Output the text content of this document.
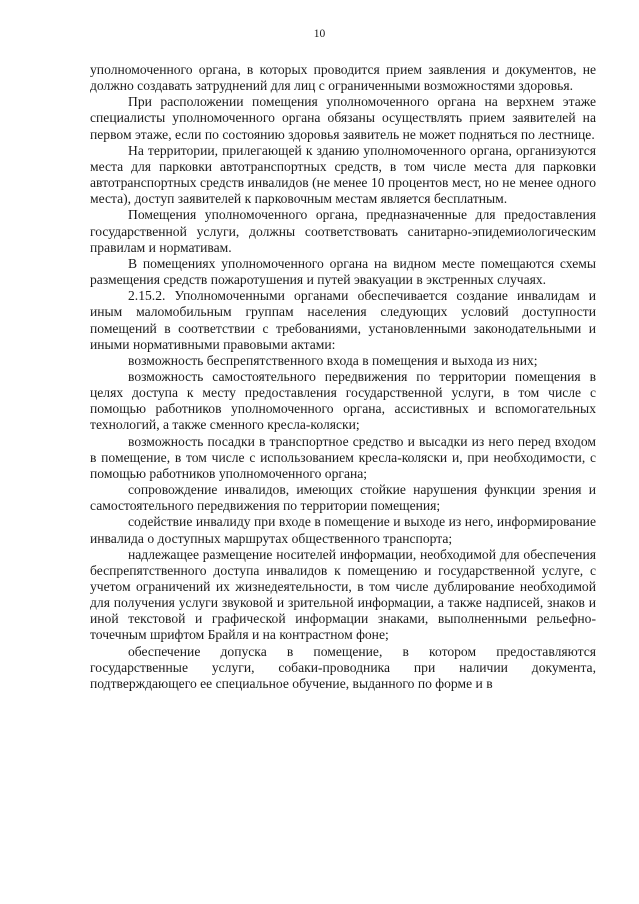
10

уполномоченного органа, в которых проводится прием заявления и документов, не должно создавать затруднений для лиц с ограниченными возможностями здоровья.

При расположении помещения уполномоченного органа на верхнем этаже специалисты уполномоченного органа обязаны осуществлять прием заявителей на первом этаже, если по состоянию здоровья заявитель не может подняться по лестнице.

На территории, прилегающей к зданию уполномоченного органа, организуются места для парковки автотранспортных средств, в том числе места для парковки автотранспортных средств инвалидов (не менее 10 процентов мест, но не менее одного места), доступ заявителей к парковочным местам является бесплатным.

Помещения уполномоченного органа, предназначенные для предоставления государственной услуги, должны соответствовать санитарно-эпидемиологическим правилам и нормативам.

В помещениях уполномоченного органа на видном месте помещаются схемы размещения средств пожаротушения и путей эвакуации в экстренных случаях.

2.15.2. Уполномоченными органами обеспечивается создание инвалидам и иным маломобильным группам населения следующих условий доступности помещений в соответствии с требованиями, установленными законодательными и иными нормативными правовыми актами:

возможность беспрепятственного входа в помещения и выхода из них;

возможность самостоятельного передвижения по территории помещения в целях доступа к месту предоставления государственной услуги, в том числе с помощью работников уполномоченного органа, ассистивных и вспомогательных технологий, а также сменного кресла-коляски;

возможность посадки в транспортное средство и высадки из него перед входом в помещение, в том числе с использованием кресла-коляски и, при необходимости, с помощью работников уполномоченного органа;

сопровождение инвалидов, имеющих стойкие нарушения функции зрения и самостоятельного передвижения по территории помещения;

содействие инвалиду при входе в помещение и выходе из него, информирование инвалида о доступных маршрутах общественного транспорта;

надлежащее размещение носителей информации, необходимой для обеспечения беспрепятственного доступа инвалидов к помещению и государственной услуге, с учетом ограничений их жизнедеятельности, в том числе дублирование необходимой для получения услуги звуковой и зрительной информации, а также надписей, знаков и иной текстовой и графической информации знаками, выполненными рельефно-точечным шрифтом Брайля и на контрастном фоне;

обеспечение допуска в помещение, в котором предоставляются государственные услуги, собаки-проводника при наличии документа, подтверждающего ее специальное обучение, выданного по форме и в
